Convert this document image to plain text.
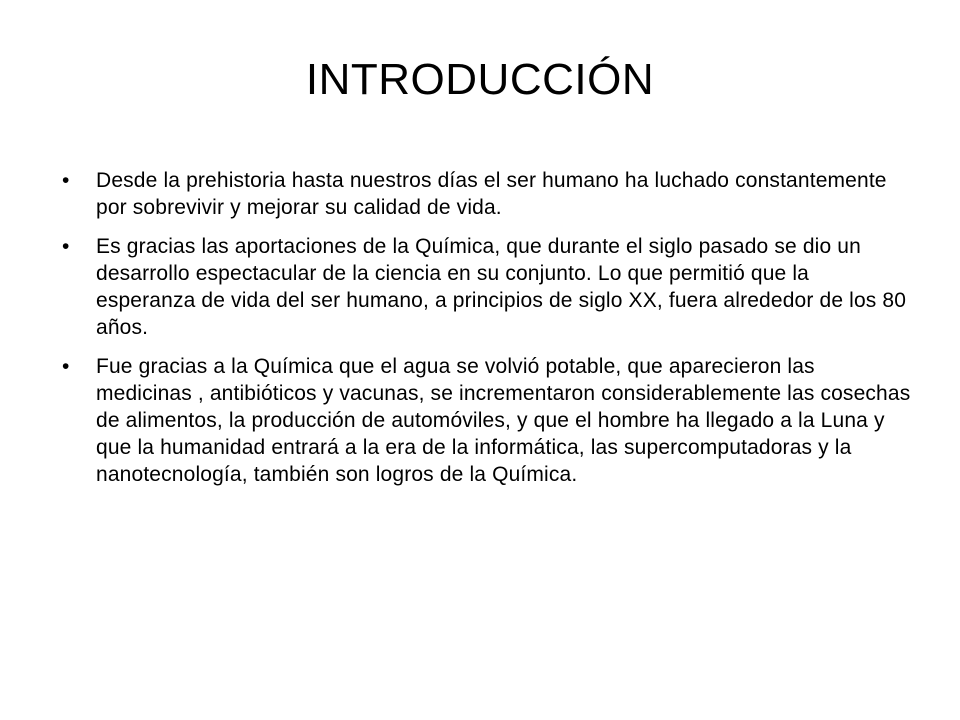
INTRODUCCIÓN
• Desde la prehistoria hasta nuestros días el ser humano ha luchado constantemente por sobrevivir y mejorar su calidad de vida.
• Es gracias las aportaciones de la Química, que durante el siglo pasado se dio un desarrollo espectacular de la ciencia en su conjunto. Lo que permitió que la esperanza de vida del ser humano, a principios de siglo XX, fuera alrededor de los 80 años.
• Fue gracias a la Química que el agua se volvió potable, que aparecieron las medicinas , antibióticos y vacunas, se incrementaron considerablemente las cosechas de alimentos, la producción de automóviles, y que el hombre ha llegado a la Luna y que la humanidad entrará a la era de la informática, las supercomputadoras y la nanotecnología, también son logros de la Química.
